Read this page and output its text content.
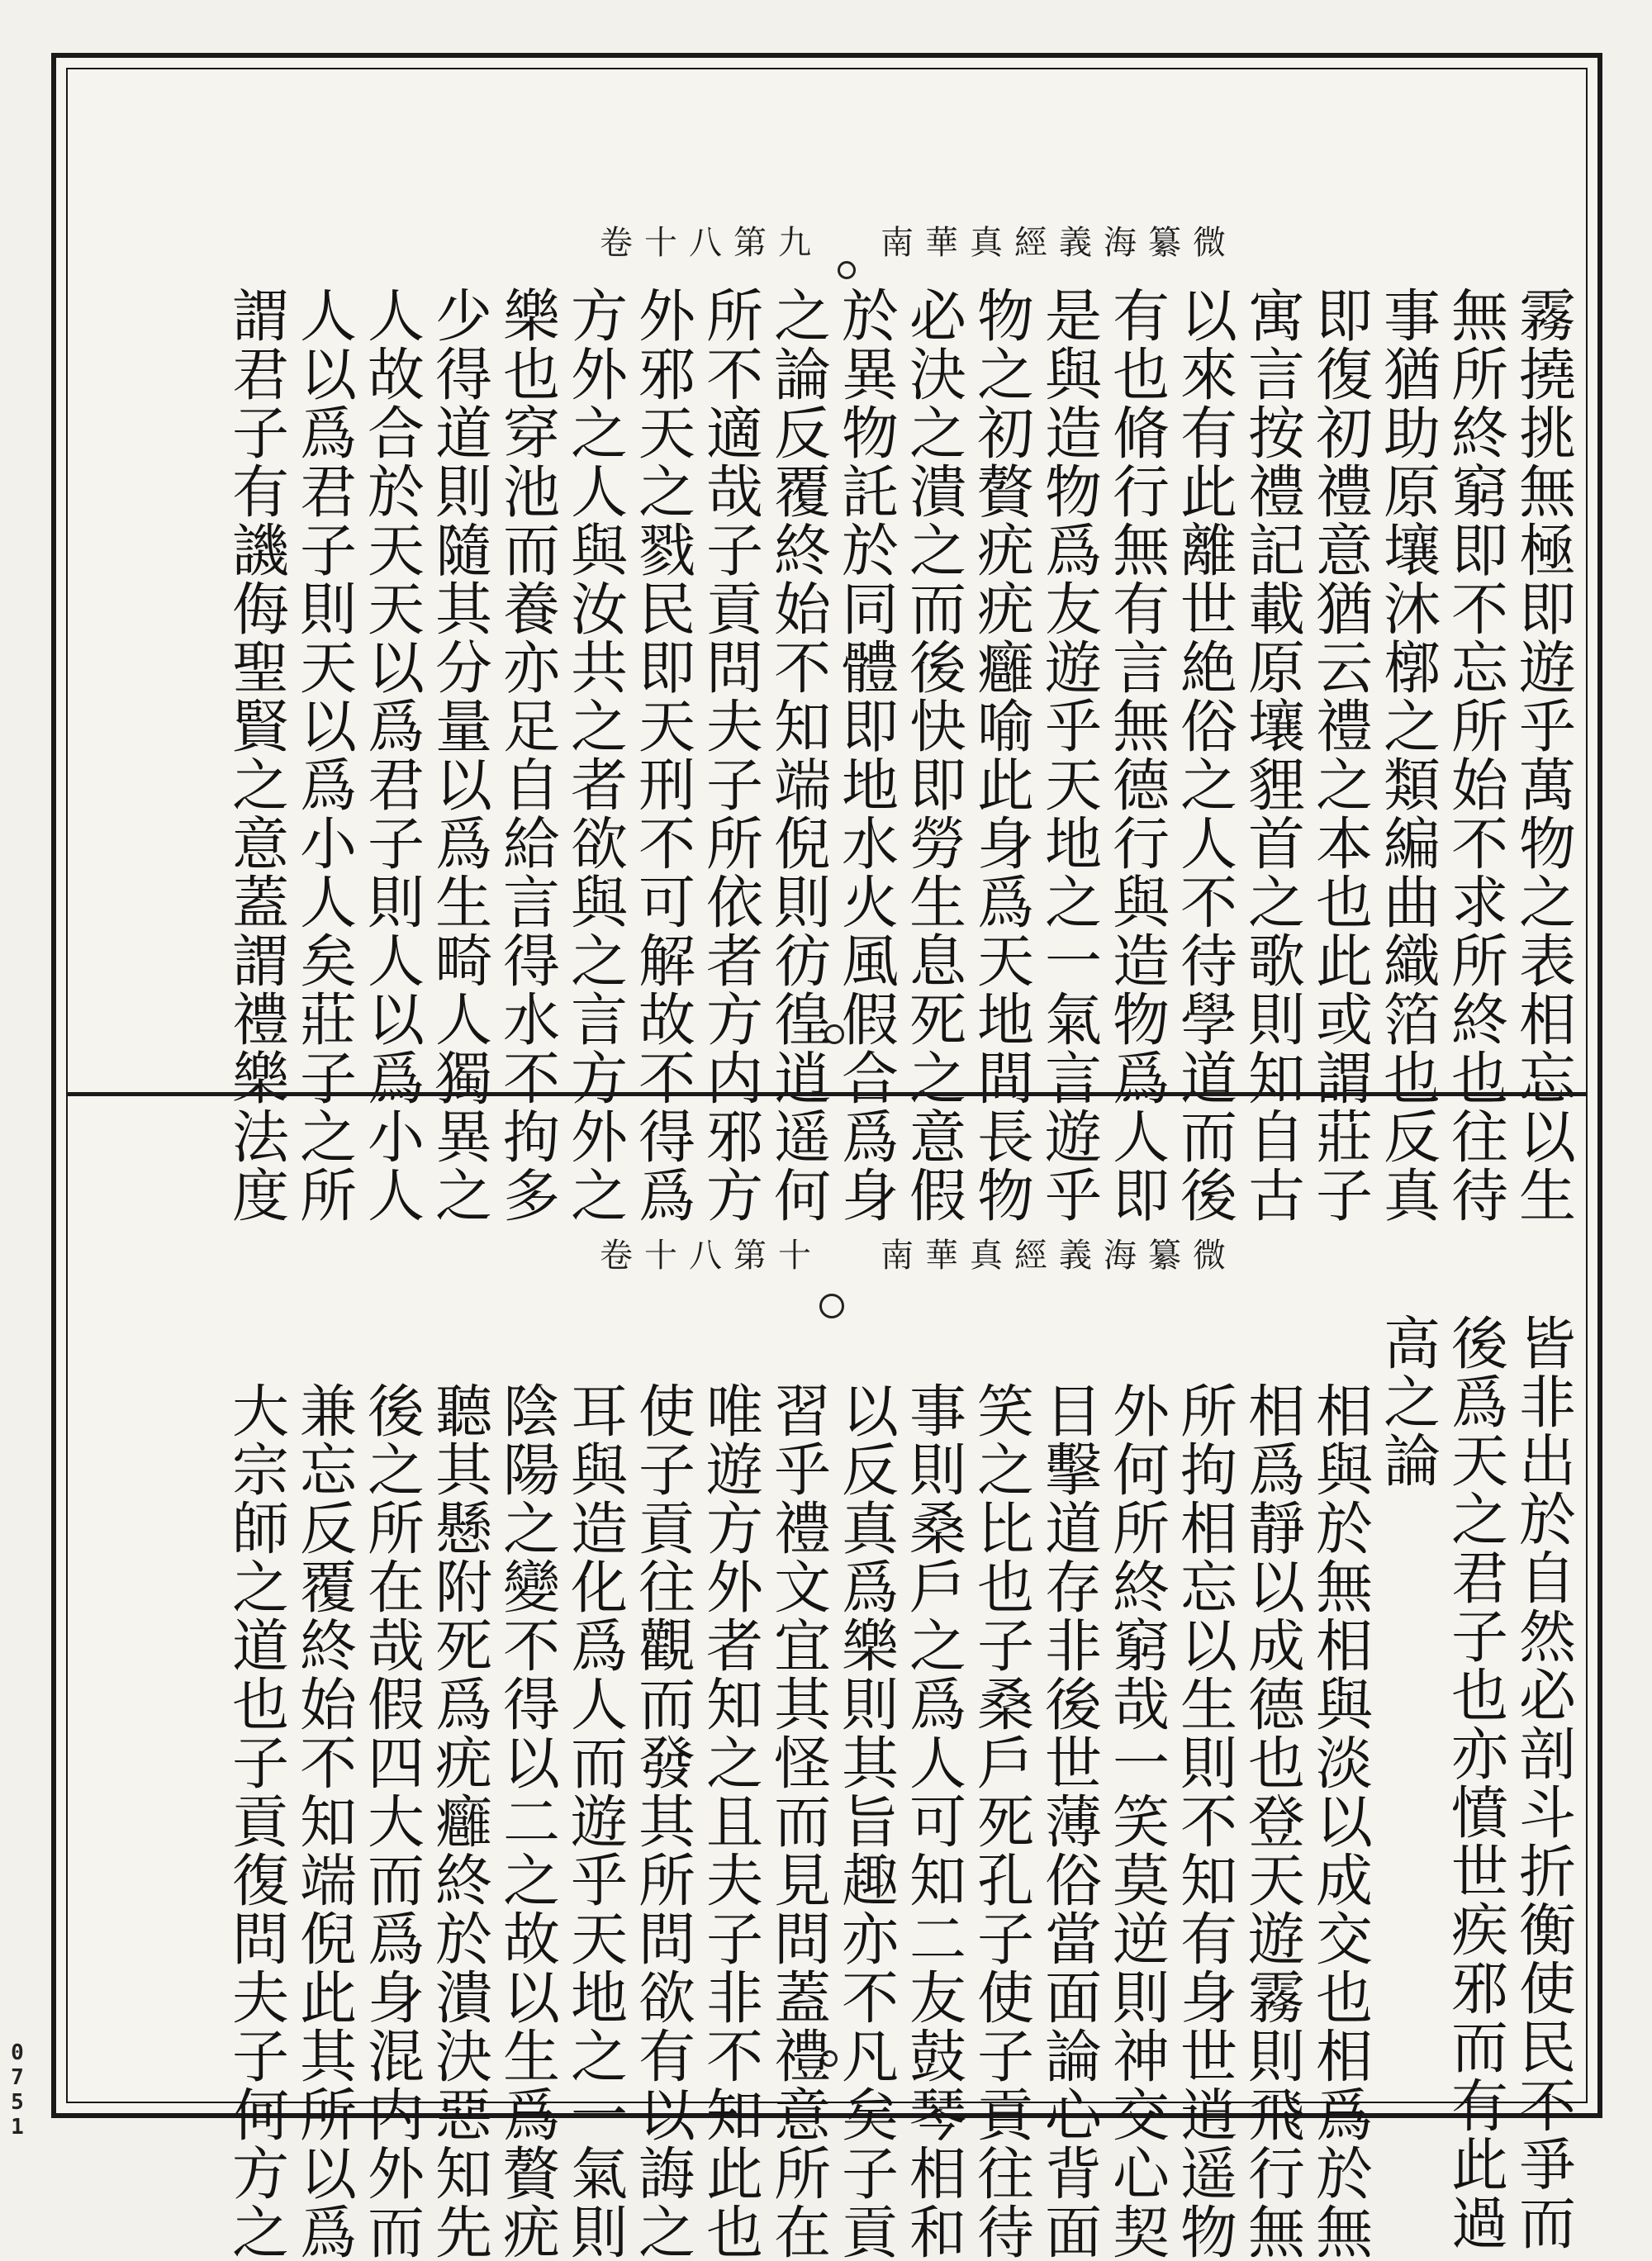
卷十八第九 南華真經義海纂微
霧撓挑無極即遊乎萬物之表相忘以生
無所終窮即不忘所始不求所終也往待
事猶助原壤沐槨之類編曲織箔也反真
即復初禮意猶云禮之本也此或謂莊子
寓言按禮記載原壤貍首之歌則知自古
以來有此離世絶俗之人不待學道而後
有也脩行無有言無德行與造物爲人即
是與造物爲友遊乎天地之一氣言遊乎
物之初贅疣疣癰喻此身爲天地間長物
必決之潰之而後快即勞生息死之意假
於異物託於同體即地水火風假合爲身
之論反覆終始不知端倪則彷徨逍遥何
所不適哉子貢問夫子所依者方内邪方
外邪天之戮民即天刑不可解故不得爲
方外之人與汝共之者欲與之言方外之
樂也穿池而養亦足自給言得水不拘多
少得道則隨其分量以爲生畸人獨異之
人故合於天天以爲君子則人以爲小人
人以爲君子則天以爲小人矣莊子之所
謂君子有譏侮聖賢之意蓋謂禮樂法度
卷十八第十 南華真經義海纂微
皆非出於自然必剖斗折衡使民不爭而
後爲天之君子也亦憤世疾邪而有此過
高之論
相與於無相與淡以成交也相爲於無
相爲靜以成德也登天遊霧則飛行無
所拘相忘以生則不知有身世逍遥物
外何所終窮哉一笑莫逆則神交心契
目擊道存非後世薄俗當面論心背面
笑之比也子桑戶死孔子使子貢往待
事則桑戶之爲人可知二友鼓琴相和
以反真爲樂則其旨趣亦不凡矣子貢
習乎禮文宜其怪而見問蓋禮意所在
唯遊方外者知之且夫子非不知此也
使子貢往觀而發其所問欲有以誨之
耳與造化爲人而遊乎天地之一氣則
陰陽之變不得以二之故以生爲贅疣
聽其懸附死爲疣癰終於潰決惡知先
後之所在哉假四大而爲身混内外而
兼忘反覆終始不知端倪此其所以爲
大宗師之道也子貢復問夫子何方之
0751
